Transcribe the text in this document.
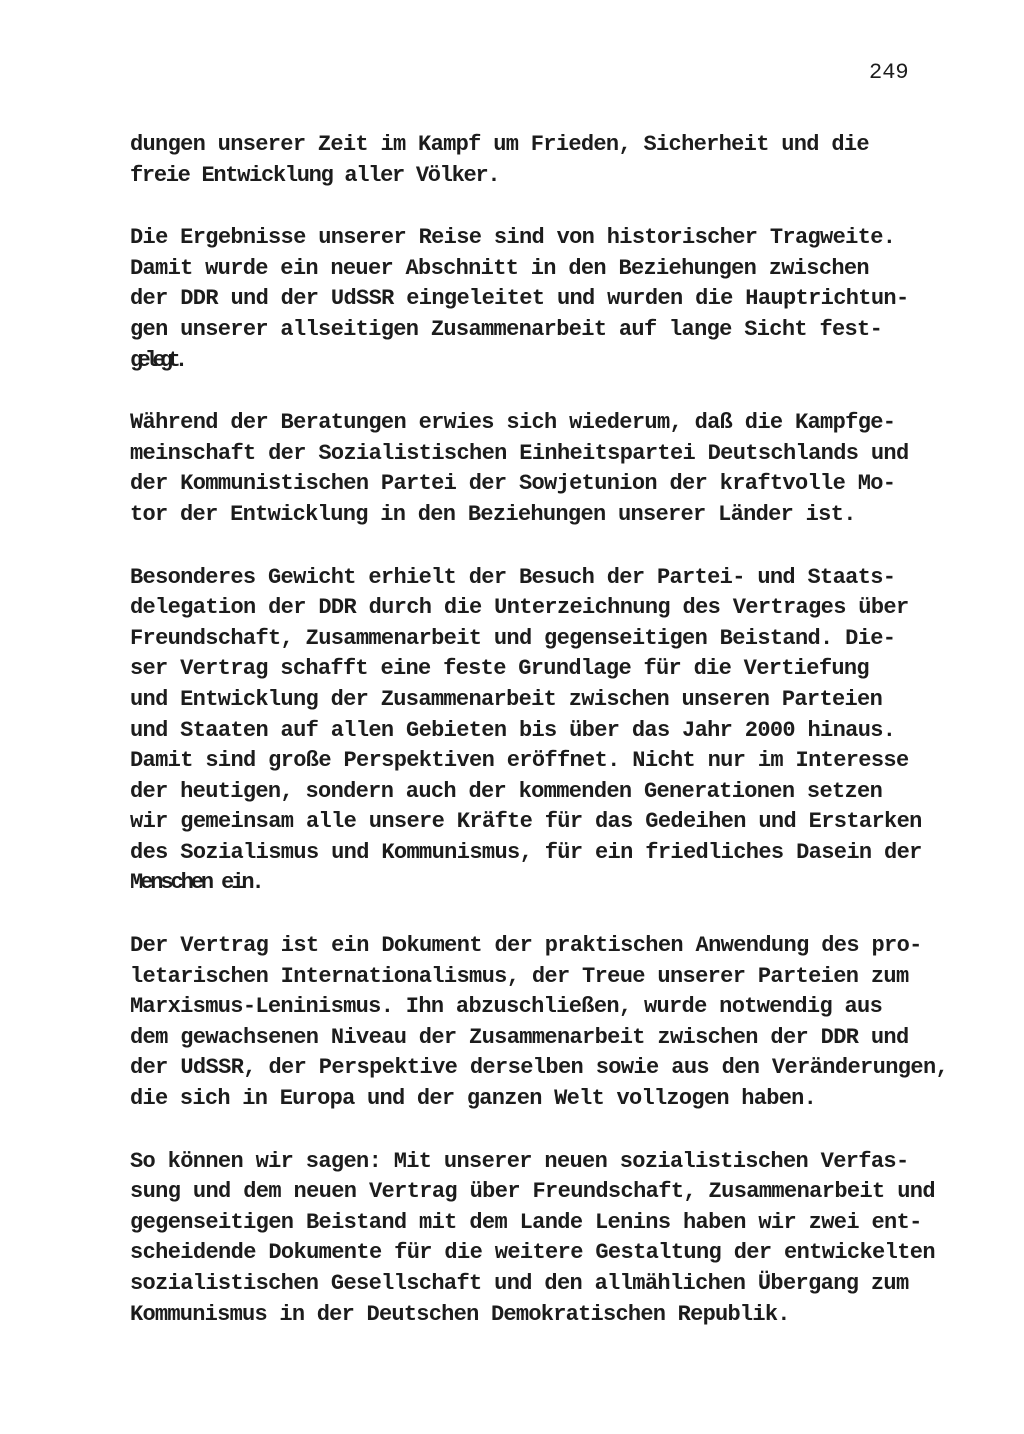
249
dungen unserer Zeit im Kampf um Frieden, Sicherheit und die
freie Entwicklung aller Völker.
Die Ergebnisse unserer Reise sind von historischer Tragweite.
Damit wurde ein neuer Abschnitt in den Beziehungen zwischen
der DDR und der UdSSR eingeleitet und wurden die Hauptrichtun-
gen unserer allseitigen Zusammenarbeit auf lange Sicht fest-
gelegt.
Während der Beratungen erwies sich wiederum, daß die Kampfge-
meinschaft der Sozialistischen Einheitspartei Deutschlands und
der Kommunistischen Partei der Sowjetunion der kraftvolle Mo-
tor der Entwicklung in den Beziehungen unserer Länder ist.
Besonderes Gewicht erhielt der Besuch der Partei- und Staats-
delegation der DDR durch die Unterzeichnung des Vertrages über
Freundschaft, Zusammenarbeit und gegenseitigen Beistand. Die-
ser Vertrag schafft eine feste Grundlage für die Vertiefung
und Entwicklung der Zusammenarbeit zwischen unseren Parteien
und Staaten auf allen Gebieten bis über das Jahr 2000 hinaus.
Damit sind große Perspektiven eröffnet. Nicht nur im Interesse
der heutigen, sondern auch der kommenden Generationen setzen
wir gemeinsam alle unsere Kräfte für das Gedeihen und Erstarken
des Sozialismus und Kommunismus, für ein friedliches Dasein der
Menschen ein.
Der Vertrag ist ein Dokument der praktischen Anwendung des pro-
letarischen Internationalismus, der Treue unserer Parteien zum
Marxismus-Leninismus. Ihn abzuschließen, wurde notwendig aus
dem gewachsenen Niveau der Zusammenarbeit zwischen der DDR und
der UdSSR, der Perspektive derselben sowie aus den Veränderungen,
die sich in Europa und der ganzen Welt vollzogen haben.
So können wir sagen: Mit unserer neuen sozialistischen Verfas-
sung und dem neuen Vertrag über Freundschaft, Zusammenarbeit und
gegenseitigen Beistand mit dem Lande Lenins haben wir zwei ent-
scheidende Dokumente für die weitere Gestaltung der entwickelten
sozialistischen Gesellschaft und den allmählichen Übergang zum
Kommunismus in der Deutschen Demokratischen Republik.
